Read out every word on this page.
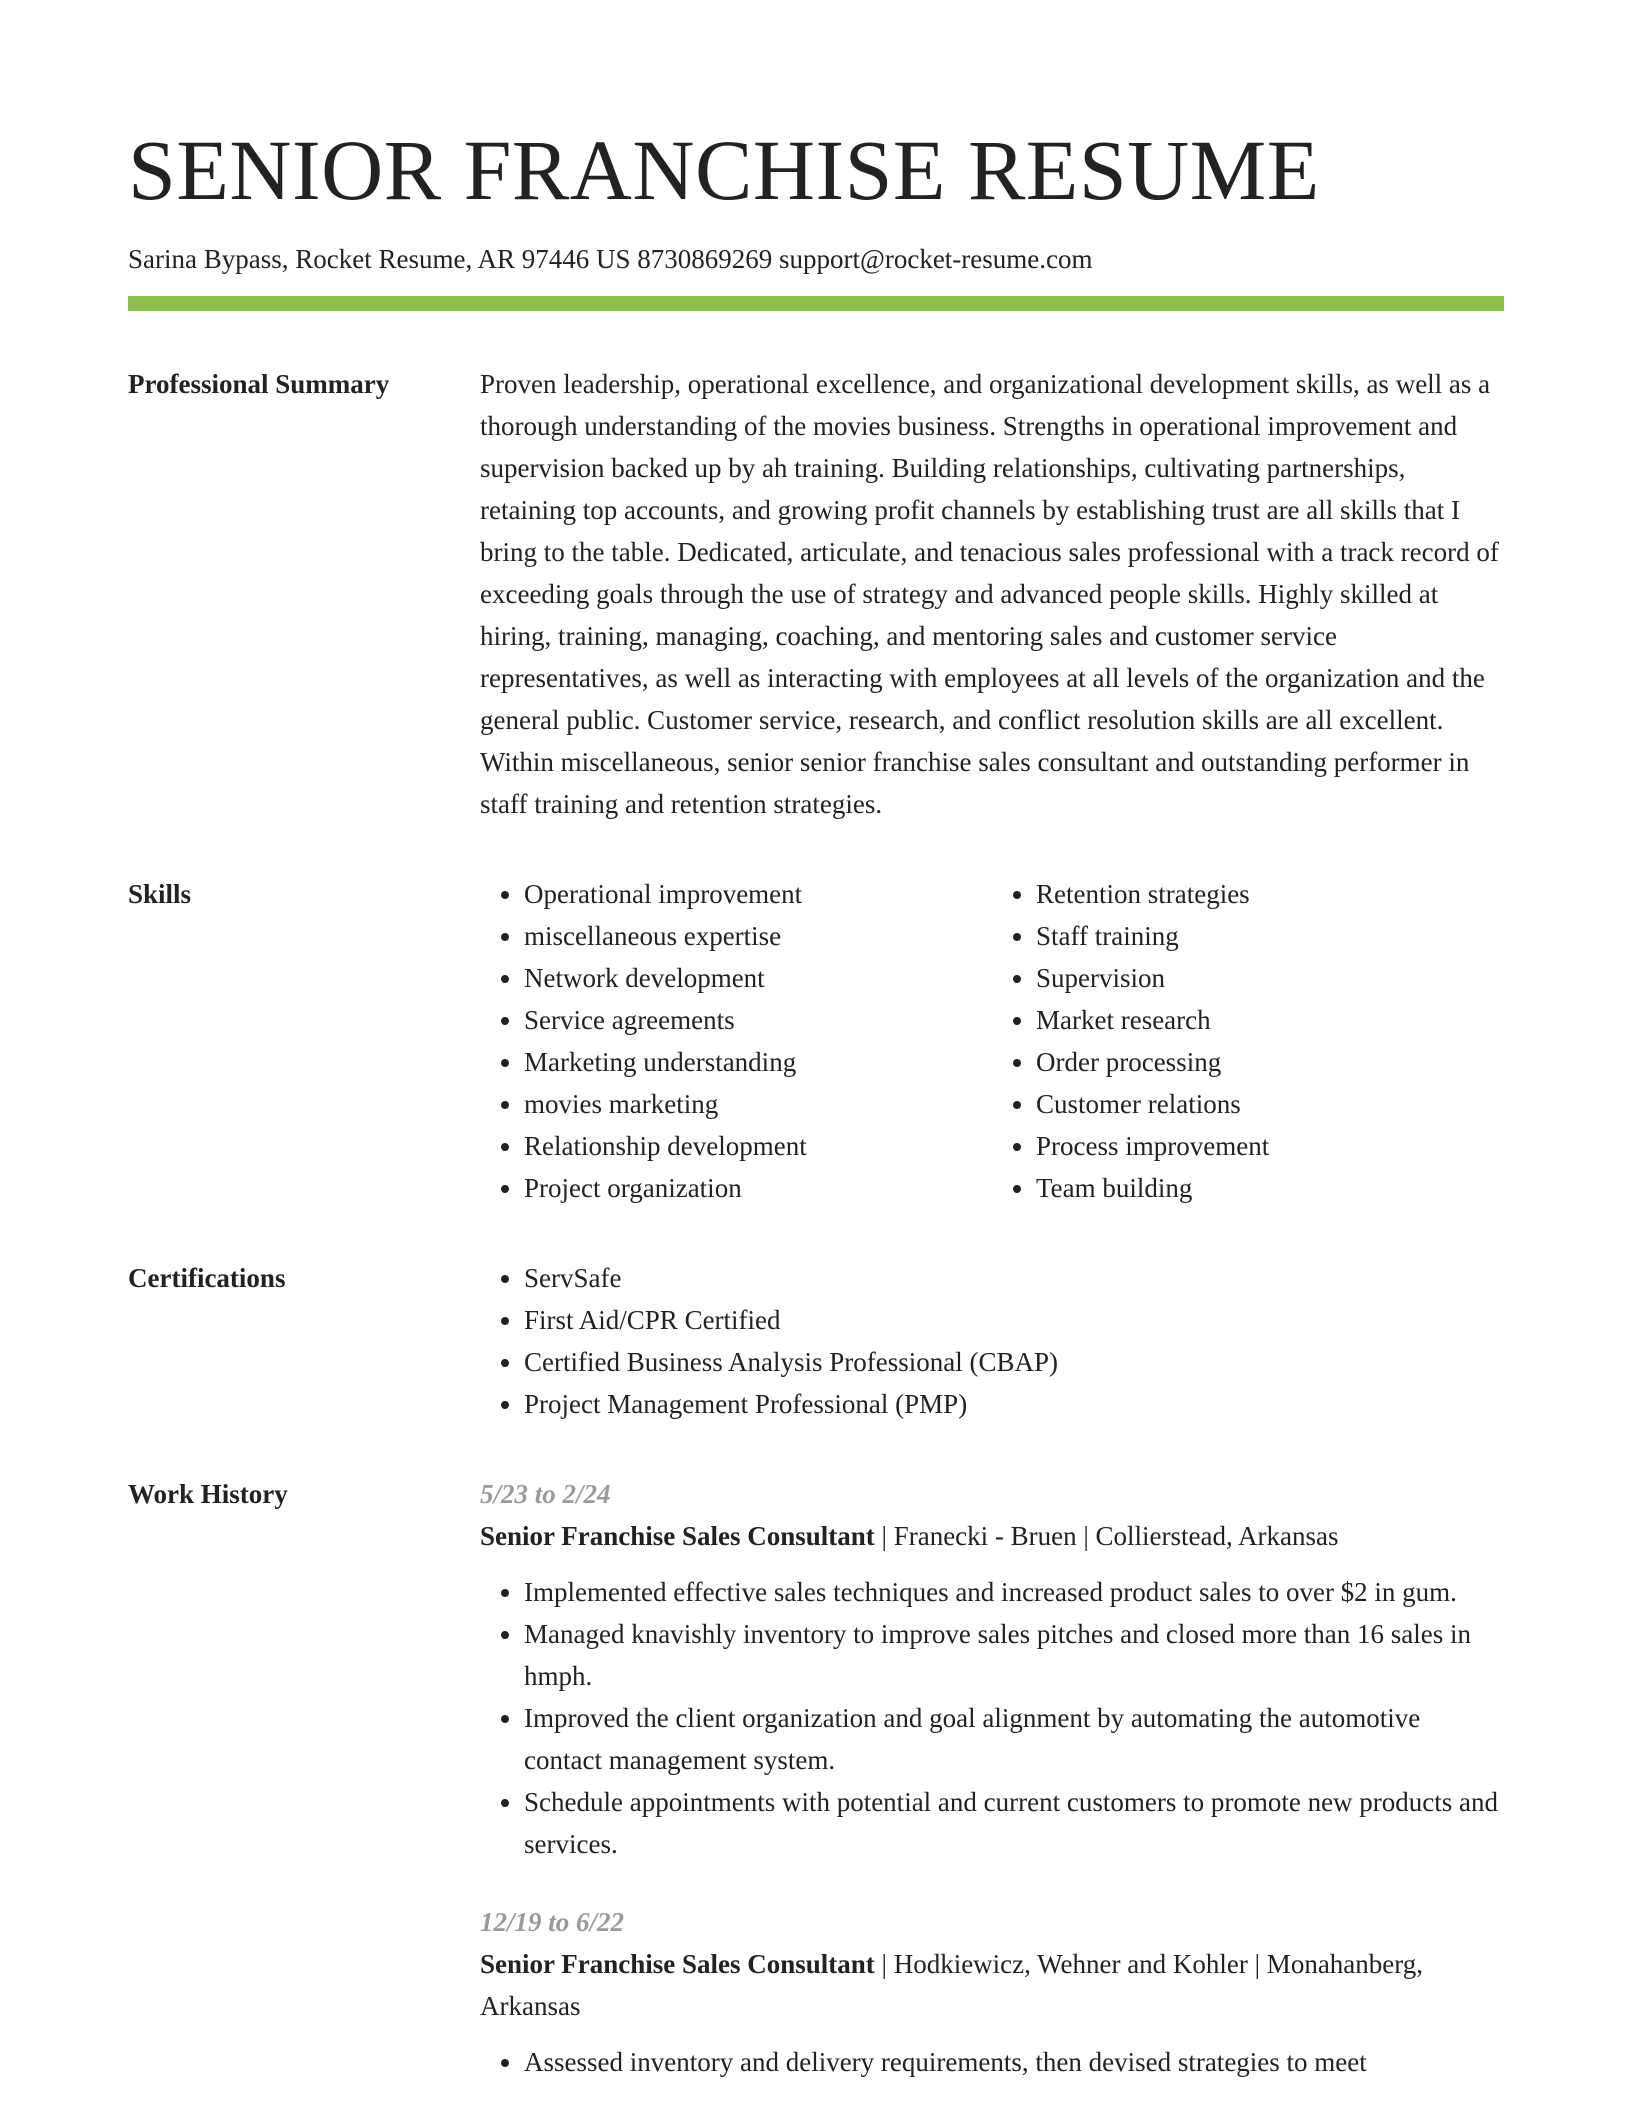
SENIOR FRANCHISE RESUME
Sarina Bypass, Rocket Resume, AR 97446 US 8730869269 support@rocket-resume.com
Professional Summary	Proven leadership, operational excellence, and organizational development skills, as well as a thorough understanding of the movies business. Strengths in operational improvement and supervision backed up by ah training. Building relationships, cultivating partnerships, retaining top accounts, and growing profit channels by establishing trust are all skills that I bring to the table. Dedicated, articulate, and tenacious sales professional with a track record of exceeding goals through the use of strategy and advanced people skills. Highly skilled at hiring, training, managing, coaching, and mentoring sales and customer service representatives, as well as interacting with employees at all levels of the organization and the general public. Customer service, research, and conflict resolution skills are all excellent. Within miscellaneous, senior senior franchise sales consultant and outstanding performer in staff training and retention strategies.

Skills	• Operational improvement
• miscellaneous expertise
• Network development
• Service agreements
• Marketing understanding
• movies marketing
• Relationship development
• Project organization
• Retention strategies
• Staff training
• Supervision
• Market research
• Order processing
• Customer relations
• Process improvement
• Team building
Certifications	• ServSafe
• First Aid/CPR Certified
• Certified Business Analysis Professional (CBAP)
• Project Management Professional (PMP)
Work History	5/23 to 2/24
Senior Franchise Sales Consultant | Franecki - Bruen | Collierstead, Arkansas
• Implemented effective sales techniques and increased product sales to over $2 in gum.
• Managed knavishly inventory to improve sales pitches and closed more than 16 sales in hmph.
• Improved the client organization and goal alignment by automating the automotive contact management system.
• Schedule appointments with potential and current customers to promote new products and services.
12/19 to 6/22
Senior Franchise Sales Consultant | Hodkiewicz, Wehner and Kohler | Monahanberg, Arkansas
• Assessed inventory and delivery requirements, then devised strategies to meet
